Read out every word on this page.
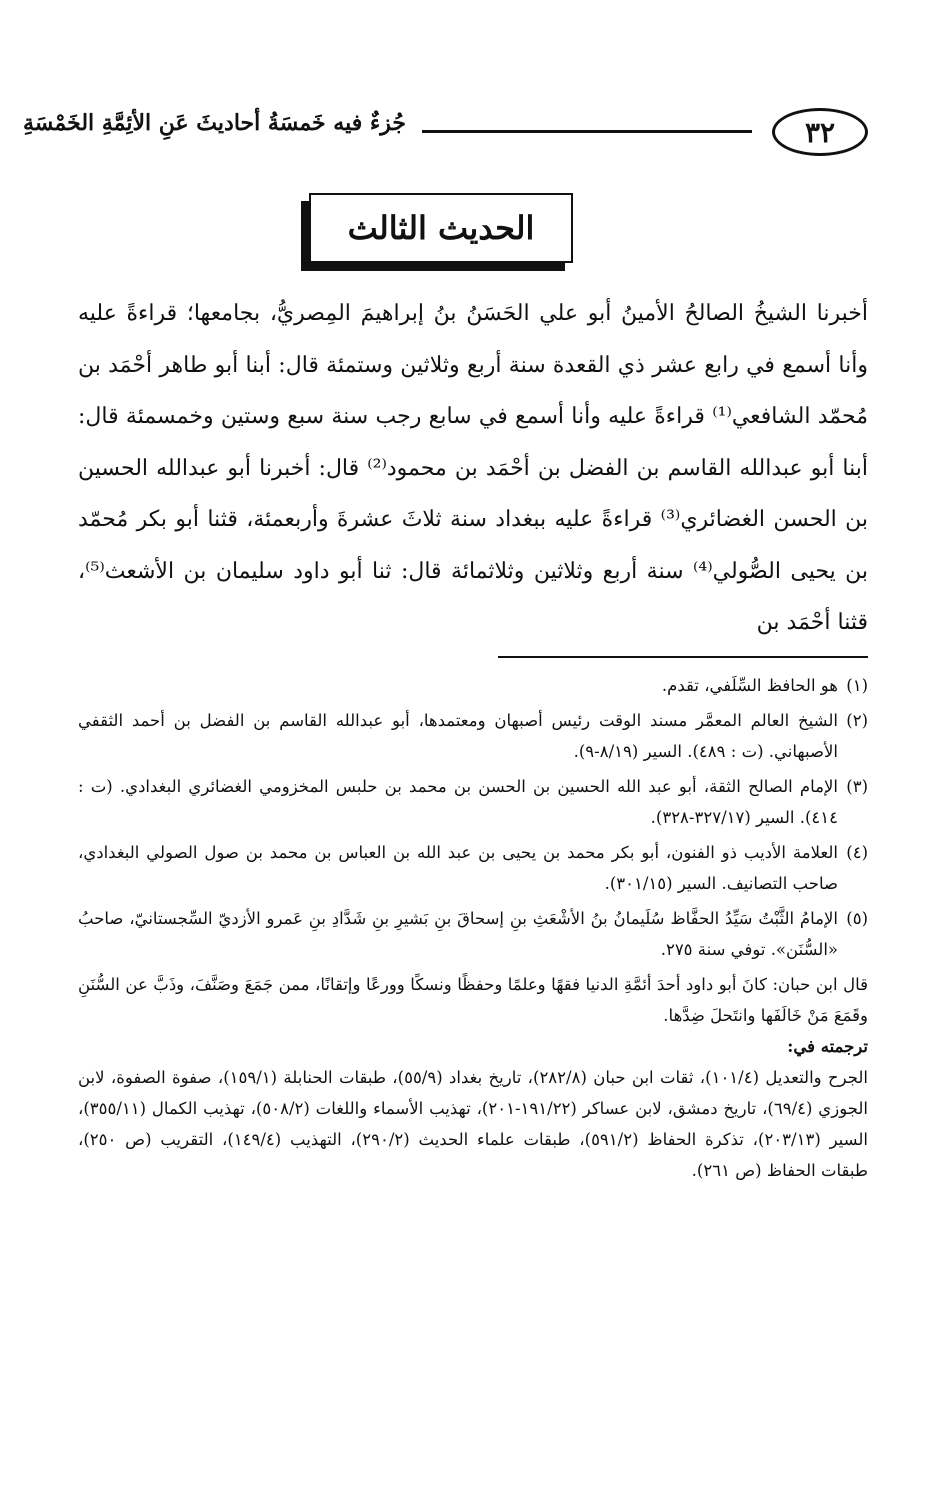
٣٢
جُزءٌ فيه خَمسَةُ أحاديثَ عَنِ الأئِمَّةِ الخَمْسَةِ
الحديث الثالث

أخبرنا الشيخُ الصالحُ الأمينُ أبو علي الحَسَنُ بنُ إبراهيمَ المِصريُّ، بجامعها؛ قراءةً عليه وأنا أسمع في رابع عشر ذي القعدة سنة أربع وثلاثين وستمئة قال: أبنا أبو طاهر أحْمَد بن مُحمّد الشافعي⁽¹⁾ قراءةً عليه وأنا أسمع في سابع رجب سنة سبع وستين وخمسمئة قال: أبنا أبو عبدالله القاسم بن الفضل بن أحْمَد بن محمود⁽²⁾ قال: أخبرنا أبو عبدالله الحسين بن الحسن الغضائري⁽³⁾ قراءةً عليه ببغداد سنة ثلاثَ عشرةَ وأربعمئة، قثنا أبو بكر مُحمّد بن يحيى الصُّولي⁽⁴⁾ سنة أربع وثلاثين وثلاثمائة قال: ثنا أبو داود سليمان بن الأشعث⁽⁵⁾، قثنا أحْمَد بن

(١)
هو الحافظ السِّلَفي، تقدم.
(٢)
الشيخ العالم المعمَّر مسند الوقت رئيس أصبهان ومعتمدها، أبو عبدالله القاسم بن الفضل بن أحمد الثقفي الأصبهاني. (ت : ٤٨٩). السير (٨/١٩-٩).
(٣)
الإمام الصالح الثقة، أبو عبد الله الحسين بن الحسن بن محمد بن حلبس المخزومي الغضائري البغدادي. (ت : ٤١٤). السير (٣٢٧/١٧-٣٢٨).
(٤)
العلامة الأديب ذو الفنون، أبو بكر محمد بن يحيى بن عبد الله بن العباس بن محمد بن صول الصولي البغدادي، صاحب التصانيف. السير (٣٠١/١٥).
(٥)
الإمامُ الثَّبْتُ سَيِّدُ الحفَّاظ سُلَيمانُ بنُ الأشْعَثِ بنِ إسحاقَ بنِ بَشيرِ بنِ شَدَّادِ بنِ عَمرو الأزديّ السِّجستانيّ، صاحبُ «السُّنَن». توفي سنة ٢٧٥.

قال ابن حبان: كانَ أبو داود أحدَ أئمَّةِ الدنيا فقهًا وعلمًا وحفظًا ونسكًا وورعًا وإتقانًا، ممن جَمَعَ وصَنَّفَ، وذَبَّ عن السُّنَنِ وقَمَعَ مَنْ خَالَفَها وانتَحلَ ضِدَّها.

ترجمته في:

الجرح والتعديل (١٠١/٤)، ثقات ابن حبان (٢٨٢/٨)، تاريخ بغداد (٥٥/٩)، طبقات الحنابلة (١٥٩/١)، صفوة الصفوة، لابن الجوزي (٦٩/٤)، تاريخ دمشق، لابن عساكر (١٩١/٢٢-٢٠١)، تهذيب الأسماء واللغات (٥٠٨/٢)، تهذيب الكمال (٣٥٥/١١)، السير (٢٠٣/١٣)، تذكرة الحفاظ (٥٩١/٢)، طبقات علماء الحديث (٢٩٠/٢)، التهذيب (١٤٩/٤)، التقريب (ص ٢٥٠)، طبقات الحفاظ (ص ٢٦١).
